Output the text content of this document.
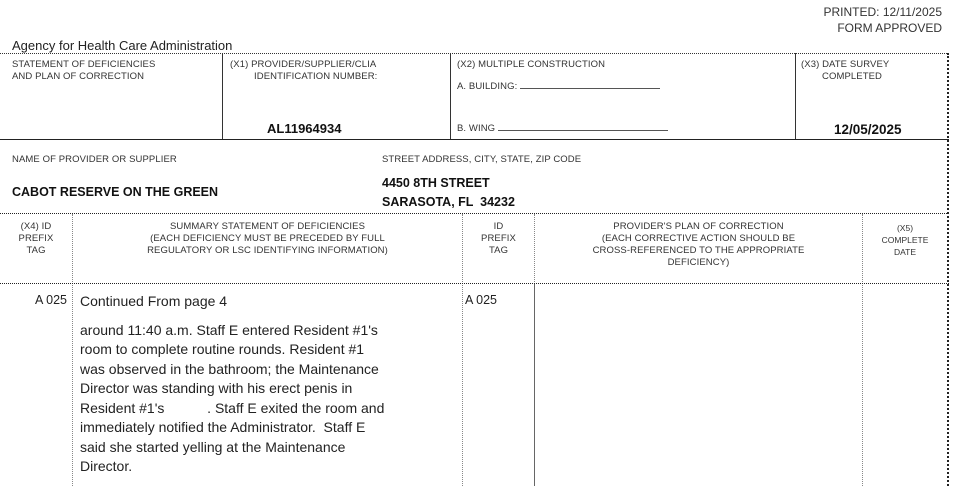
PRINTED: 12/11/2025
FORM APPROVED
Agency for Health Care Administration
STATEMENT OF DEFICIENCIES
AND PLAN OF CORRECTION
(X1) PROVIDER/SUPPLIER/CLIA
IDENTIFICATION NUMBER:
AL11964934
(X2) MULTIPLE CONSTRUCTION
A. BUILDING:
B. WING
(X3) DATE SURVEY
COMPLETED
12/05/2025
NAME OF PROVIDER OR SUPPLIER
CABOT RESERVE ON THE GREEN
STREET ADDRESS, CITY, STATE, ZIP CODE
4450 8TH STREET
SARASOTA, FL  34232
(X4) ID
PREFIX
TAG
SUMMARY STATEMENT OF DEFICIENCIES
(EACH DEFICIENCY MUST BE PRECEDED BY FULL
REGULATORY OR LSC IDENTIFYING INFORMATION)
ID
PREFIX
TAG
PROVIDER'S PLAN OF CORRECTION
(EACH CORRECTIVE ACTION SHOULD BE
CROSS-REFERENCED TO THE APPROPRIATE
DEFICIENCY)
(X5)
COMPLETE
DATE
A 025 Continued From page 4
around 11:40 a.m. Staff E entered Resident #1's
room to complete routine rounds. Resident #1
was observed in the bathroom; the Maintenance
Director was standing with his erect penis in
Resident #1's           . Staff E exited the room and
immediately notified the Administrator.  Staff E
said she started yelling at the Maintenance
Director.
A 025
